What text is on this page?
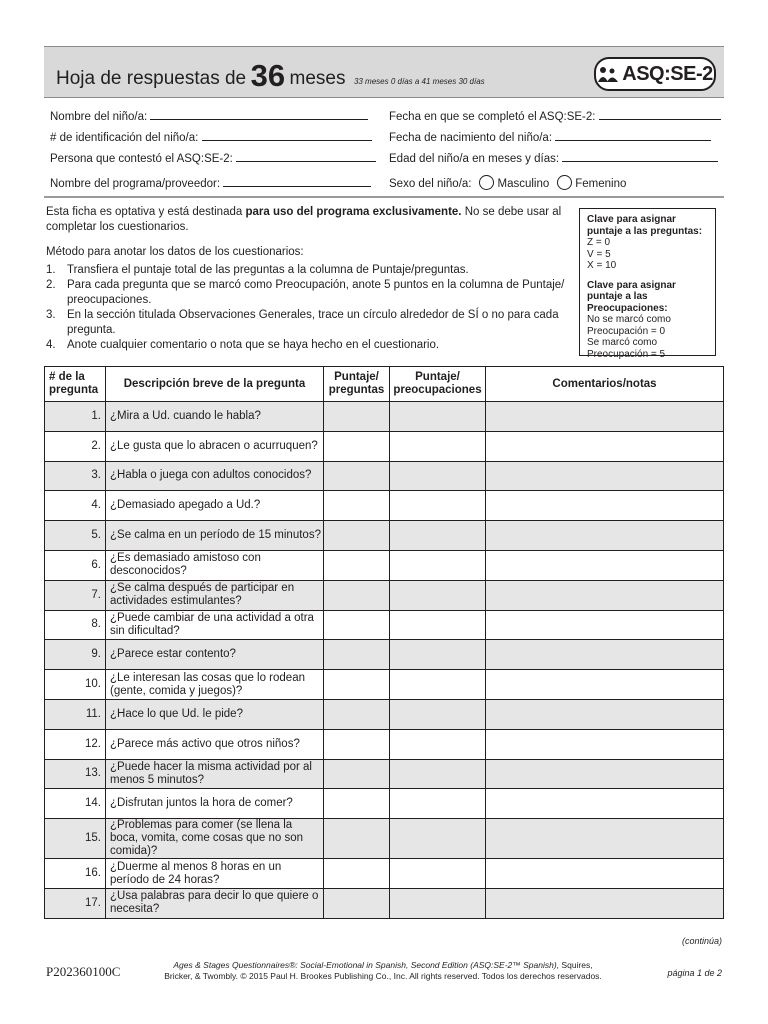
Hoja de respuestas de 36 meses 33 meses 0 días a 41 meses 30 días	ASQ:SE-2
Nombre del niño/a:	Fecha en que se completó el ASQ:SE-2:
# de identificación del niño/a:	Fecha de nacimiento del niño/a:
Persona que contestó el ASQ:SE-2:	Edad del niño/a en meses y días:
Nombre del programa/proveedor:	Sexo del niño/a: Masculino Femenino

Esta ficha es optativa y está destinada para uso del programa exclusivamente. No se debe usar al completar los cuestionarios.

Método para anotar los datos de los cuestionarios:

1. Transfiera el puntaje total de las preguntas a la columna de Puntaje/preguntas.
2. Para cada pregunta que se marcó como Preocupación, anote 5 puntos en la columna de Puntaje/ preocupaciones.
3. En la sección titulada Observaciones Generales, trace un círculo alrededor de SÍ o no para cada pregunta.
4. Anote cualquier comentario o nota que se haya hecho en el cuestionario.
Clave para asignar puntaje a las preguntas:
Z = 0
V = 5
X = 10
Clave para asignar puntaje a las Preocupaciones:
No se marcó como
Preocupación = 0
Se marcó como
Preocupación = 5
# de la pregunta	Descripción breve de la pregunta	Puntaje/ preguntas	Puntaje/ preocupaciones	Comentarios/notas
1.	¿Mira a Ud. cuando le habla?			
2.	¿Le gusta que lo abracen o acurruquen?			
3.	¿Habla o juega con adultos conocidos?			
4.	¿Demasiado apegado a Ud.?			
5.	¿Se calma en un período de 15 minutos?			
6.	¿Es demasiado amistoso con desconocidos?			
7.	¿Se calma después de participar en actividades estimulantes?			
8.	¿Puede cambiar de una actividad a otra sin dificultad?			
9.	¿Parece estar contento?			
10.	¿Le interesan las cosas que lo rodean (gente, comida y juegos)?			
11.	¿Hace lo que Ud. le pide?			
12.	¿Parece más activo que otros niños?			
13.	¿Puede hacer la misma actividad por al menos 5 minutos?			
14.	¿Disfrutan juntos la hora de comer?			
15.	¿Problemas para comer (se llena la boca, vomita, come cosas que no son comida)?			
16.	¿Duerme al menos 8 horas en un período de 24 horas?			
17.	¿Usa palabras para decir lo que quiere o necesita?			
(continúa)
P202360100C	Ages & Stages Questionnaires®: Social-Emotional in Spanish, Second Edition (ASQ:SE-2™ Spanish), Squires,
Bricker, & Twombly. © 2015 Paul H. Brookes Publishing Co., Inc. All rights reserved. Todos los derechos reservados.	página 1 de 2
